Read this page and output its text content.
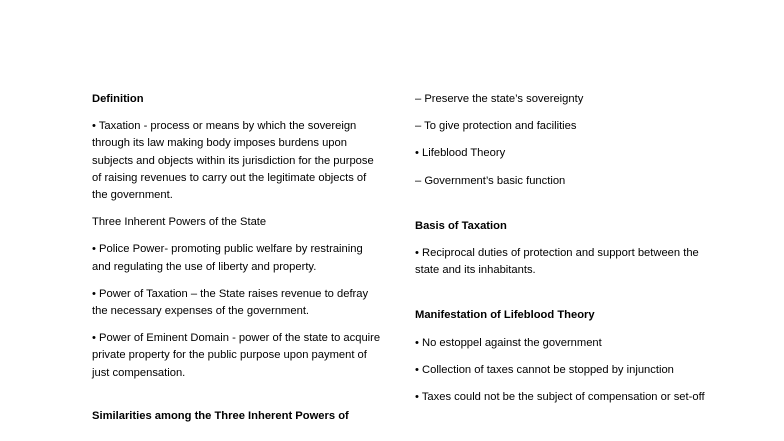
Definition
• Taxation - process or means by which the sovereign through its law making body imposes burdens upon subjects and objects within its jurisdiction for the purpose of raising revenues to carry out the legitimate objects of the government.
Three Inherent Powers of the State
• Police Power- promoting public welfare by restraining and regulating the use of liberty and property.
• Power of Taxation – the State raises revenue to defray the necessary expenses of the government.
• Power of Eminent Domain - power of the state to acquire private property for the public purpose upon payment of just compensation.
Similarities among the Three Inherent Powers of
– Preserve the state’s sovereignty
– To give protection and facilities
• Lifeblood Theory
– Government’s basic function
Basis of Taxation
• Reciprocal duties of protection and support between the state and its inhabitants.
Manifestation of Lifeblood Theory
• No estoppel against the government
• Collection of taxes cannot be stopped by injunction
• Taxes could not be the subject of compensation or set-off
